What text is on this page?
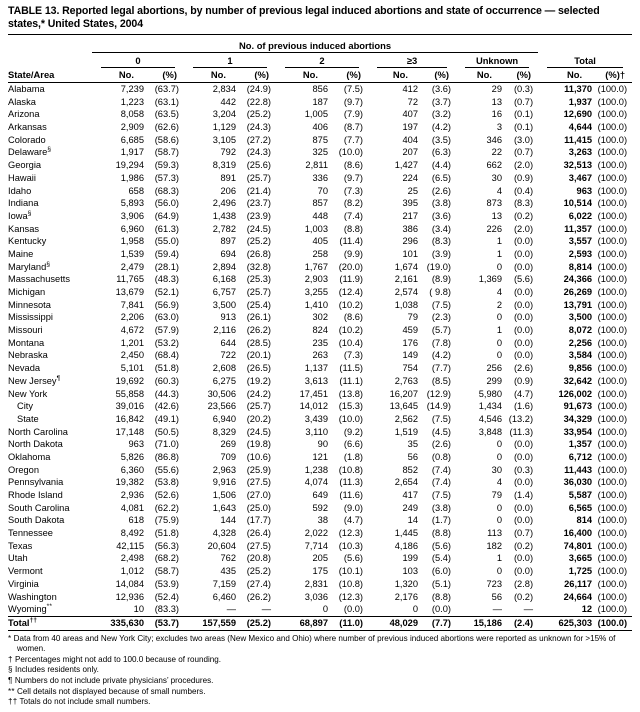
TABLE 13. Reported legal abortions, by number of previous legal induced abortions and state of occurrence — selected states,* United States, 2004
State/Area	No. of previous induced abortions											

	0		1		2		≥3		Unknown		Total	

	No.	(%)	No.	(%)	No.	(%)	No.	(%)	No.	(%)	No.	(%)†
Alabama	7,239	(63.7)	2,834	(24.9)	856	(7.5)	412	(3.6)	29	(0.3)	11,370	(100.0)
Alaska	1,223	(63.1)	442	(22.8)	187	(9.7)	72	(3.7)	13	(0.7)	1,937	(100.0)
Arizona	8,058	(63.5)	3,204	(25.2)	1,005	(7.9)	407	(3.2)	16	(0.1)	12,690	(100.0)
Arkansas	2,909	(62.6)	1,129	(24.3)	406	(8.7)	197	(4.2)	3	(0.1)	4,644	(100.0)
Colorado	6,685	(58.6)	3,105	(27.2)	875	(7.7)	404	(3.5)	346	(3.0)	11,415	(100.0)
Delaware§	1,917	(58.7)	792	(24.3)	325	(10.0)	207	(6.3)	22	(0.7)	3,263	(100.0)
Georgia	19,294	(59.3)	8,319	(25.6)	2,811	(8.6)	1,427	(4.4)	662	(2.0)	32,513	(100.0)
Hawaii	1,986	(57.3)	891	(25.7)	336	(9.7)	224	(6.5)	30	(0.9)	3,467	(100.0)
Idaho	658	(68.3)	206	(21.4)	70	(7.3)	25	(2.6)	4	(0.4)	963	(100.0)
Indiana	5,893	(56.0)	2,496	(23.7)	857	(8.2)	395	(3.8)	873	(8.3)	10,514	(100.0)
Iowa§	3,906	(64.9)	1,438	(23.9)	448	(7.4)	217	(3.6)	13	(0.2)	6,022	(100.0)
Kansas	6,960	(61.3)	2,782	(24.5)	1,003	(8.8)	386	(3.4)	226	(2.0)	11,357	(100.0)
Kentucky	1,958	(55.0)	897	(25.2)	405	(11.4)	296	(8.3)	1	(0.0)	3,557	(100.0)
Maine	1,539	(59.4)	694	(26.8)	258	(9.9)	101	(3.9)	1	(0.0)	2,593	(100.0)
Maryland§	2,479	(28.1)	2,894	(32.8)	1,767	(20.0)	1,674	(19.0)	0	(0.0)	8,814	(100.0)
Massachusetts	11,765	(48.3)	6,168	(25.3)	2,903	(11.9)	2,161	(8.9)	1,369	(5.6)	24,366	(100.0)
Michigan	13,679	(52.1)	6,757	(25.7)	3,255	(12.4)	2,574	( 9.8)	4	(0.0)	26,269	(100.0)
Minnesota	7,841	(56.9)	3,500	(25.4)	1,410	(10.2)	1,038	(7.5)	2	(0.0)	13,791	(100.0)
Mississippi	2,206	(63.0)	913	(26.1)	302	(8.6)	79	(2.3)	0	(0.0)	3,500	(100.0)
Missouri	4,672	(57.9)	2,116	(26.2)	824	(10.2)	459	(5.7)	1	(0.0)	8,072	(100.0)
Montana	1,201	(53.2)	644	(28.5)	235	(10.4)	176	(7.8)	0	(0.0)	2,256	(100.0)
Nebraska	2,450	(68.4)	722	(20.1)	263	(7.3)	149	(4.2)	0	(0.0)	3,584	(100.0)
Nevada	5,101	(51.8)	2,608	(26.5)	1,137	(11.5)	754	(7.7)	256	(2.6)	9,856	(100.0)
New Jersey¶	19,692	(60.3)	6,275	(19.2)	3,613	(11.1)	2,763	(8.5)	299	(0.9)	32,642	(100.0)
New York	55,858	(44.3)	30,506	(24.2)	17,451	(13.8)	16,207	(12.9)	5,980	(4.7)	126,002	(100.0)
City	39,016	(42.6)	23,566	(25.7)	14,012	(15.3)	13,645	(14.9)	1,434	(1.6)	91,673	(100.0)
State	16,842	(49.1)	6,940	(20.2)	3,439	(10.0)	2,562	(7.5)	4,546	(13.2)	34,329	(100.0)
North Carolina	17,148	(50.5)	8,329	(24.5)	3,110	(9.2)	1,519	(4.5)	3,848	(11.3)	33,954	(100.0)
North Dakota	963	(71.0)	269	(19.8)	90	(6.6)	35	(2.6)	0	(0.0)	1,357	(100.0)
Oklahoma	5,826	(86.8)	709	(10.6)	121	(1.8)	56	(0.8)	0	(0.0)	6,712	(100.0)
Oregon	6,360	(55.6)	2,963	(25.9)	1,238	(10.8)	852	(7.4)	30	(0.3)	11,443	(100.0)
Pennsylvania	19,382	(53.8)	9,916	(27.5)	4,074	(11.3)	2,654	(7.4)	4	(0.0)	36,030	(100.0)
Rhode Island	2,936	(52.6)	1,506	(27.0)	649	(11.6)	417	(7.5)	79	(1.4)	5,587	(100.0)
South Carolina	4,081	(62.2)	1,643	(25.0)	592	(9.0)	249	(3.8)	0	(0.0)	6,565	(100.0)
South Dakota	618	(75.9)	144	(17.7)	38	(4.7)	14	(1.7)	0	(0.0)	814	(100.0)
Tennessee	8,492	(51.8)	4,328	(26.4)	2,022	(12.3)	1,445	(8.8)	113	(0.7)	16,400	(100.0)
Texas	42,115	(56.3)	20,604	(27.5)	7,714	(10.3)	4,186	(5.6)	182	(0.2)	74,801	(100.0)
Utah	2,498	(68.2)	762	(20.8)	205	(5.6)	199	(5.4)	1	(0.0)	3,665	(100.0)
Vermont	1,012	(58.7)	435	(25.2)	175	(10.1)	103	(6.0)	0	(0.0)	1,725	(100.0)
Virginia	14,084	(53.9)	7,159	(27.4)	2,831	(10.8)	1,320	(5.1)	723	(2.8)	26,117	(100.0)
Washington	12,936	(52.4)	6,460	(26.2)	3,036	(12.3)	2,176	(8.8)	56	(0.2)	24,664	(100.0)
Wyoming**	10	(83.3)	—	—	0	(0.0)	0	(0.0)	—	—	12	(100.0)
Total††	335,630	(53.7)	157,559	(25.2)	68,897	(11.0)	48,029	(7.7)	15,186	(2.4)	625,303	(100.0)
* Data from 40 areas and New York City; excludes two areas (New Mexico and Ohio) where number of previous induced abortions were reported as unknown for >15% of women.
† Percentages might not add to 100.0 because of rounding.
§ Includes residents only.
¶ Numbers do not include private physicians’ procedures.
** Cell details not displayed because of small numbers.
†† Totals do not include small numbers.
